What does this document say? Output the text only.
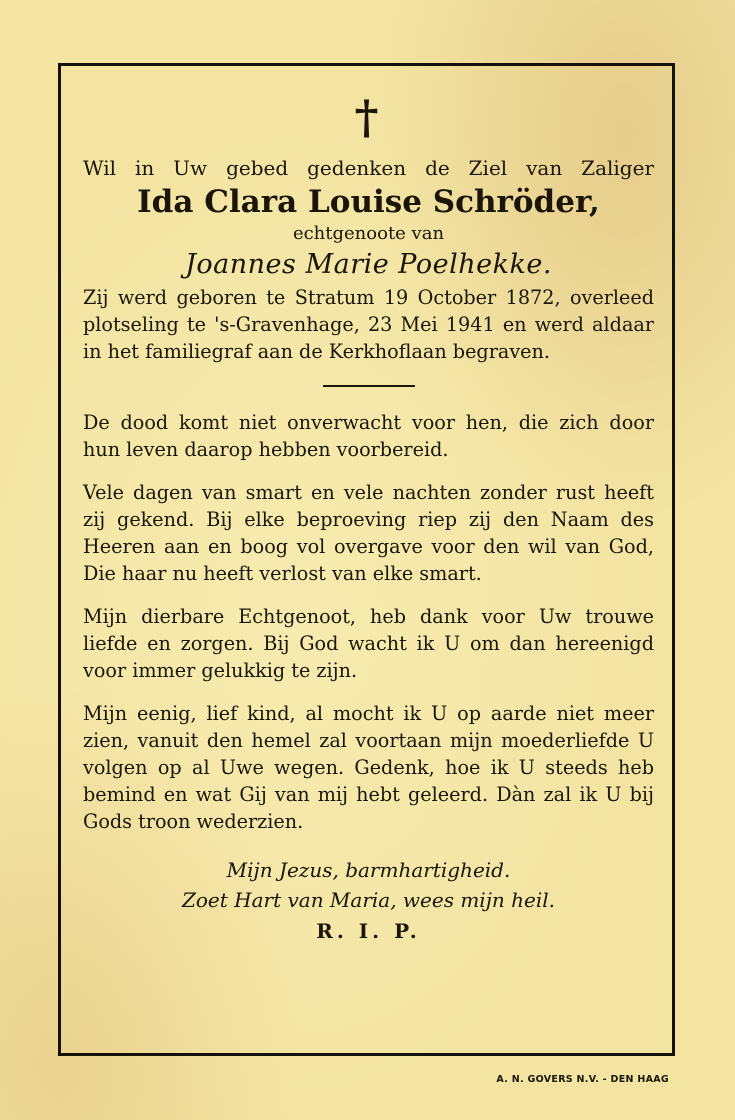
†
Wil in Uw gebed gedenken de Ziel van Zaliger
Ida Clara Louise Schröder,
echtgenoote van
Joannes Marie Poelhekke.

Zij werd geboren te Stratum 19 October 1872, overleed plotseling te 's-Gravenhage, 23 Mei 1941 en werd aldaar in het familiegraf aan de Kerkhoflaan begraven.

De dood komt niet onverwacht voor hen, die zich door hun leven daarop hebben voorbereid.

Vele dagen van smart en vele nachten zonder rust heeft zij gekend. Bij elke beproeving riep zij den Naam des Heeren aan en boog vol overgave voor den wil van God, Die haar nu heeft verlost van elke smart.

Mijn dierbare Echtgenoot, heb dank voor Uw trouwe liefde en zorgen. Bij God wacht ik U om dan hereenigd voor immer gelukkig te zijn.

Mijn eenig, lief kind, al mocht ik U op aarde niet meer zien, vanuit den hemel zal voortaan mijn moederliefde U volgen op al Uwe wegen. Gedenk, hoe ik U steeds heb bemind en wat Gij van mij hebt geleerd. Dàn zal ik U bij Gods troon wederzien.

Mijn Jezus, barmhartigheid.
Zoet Hart van Maria, wees mijn heil.
R. I. P.
A. N. GOVERS N.V. - DEN HAAG
